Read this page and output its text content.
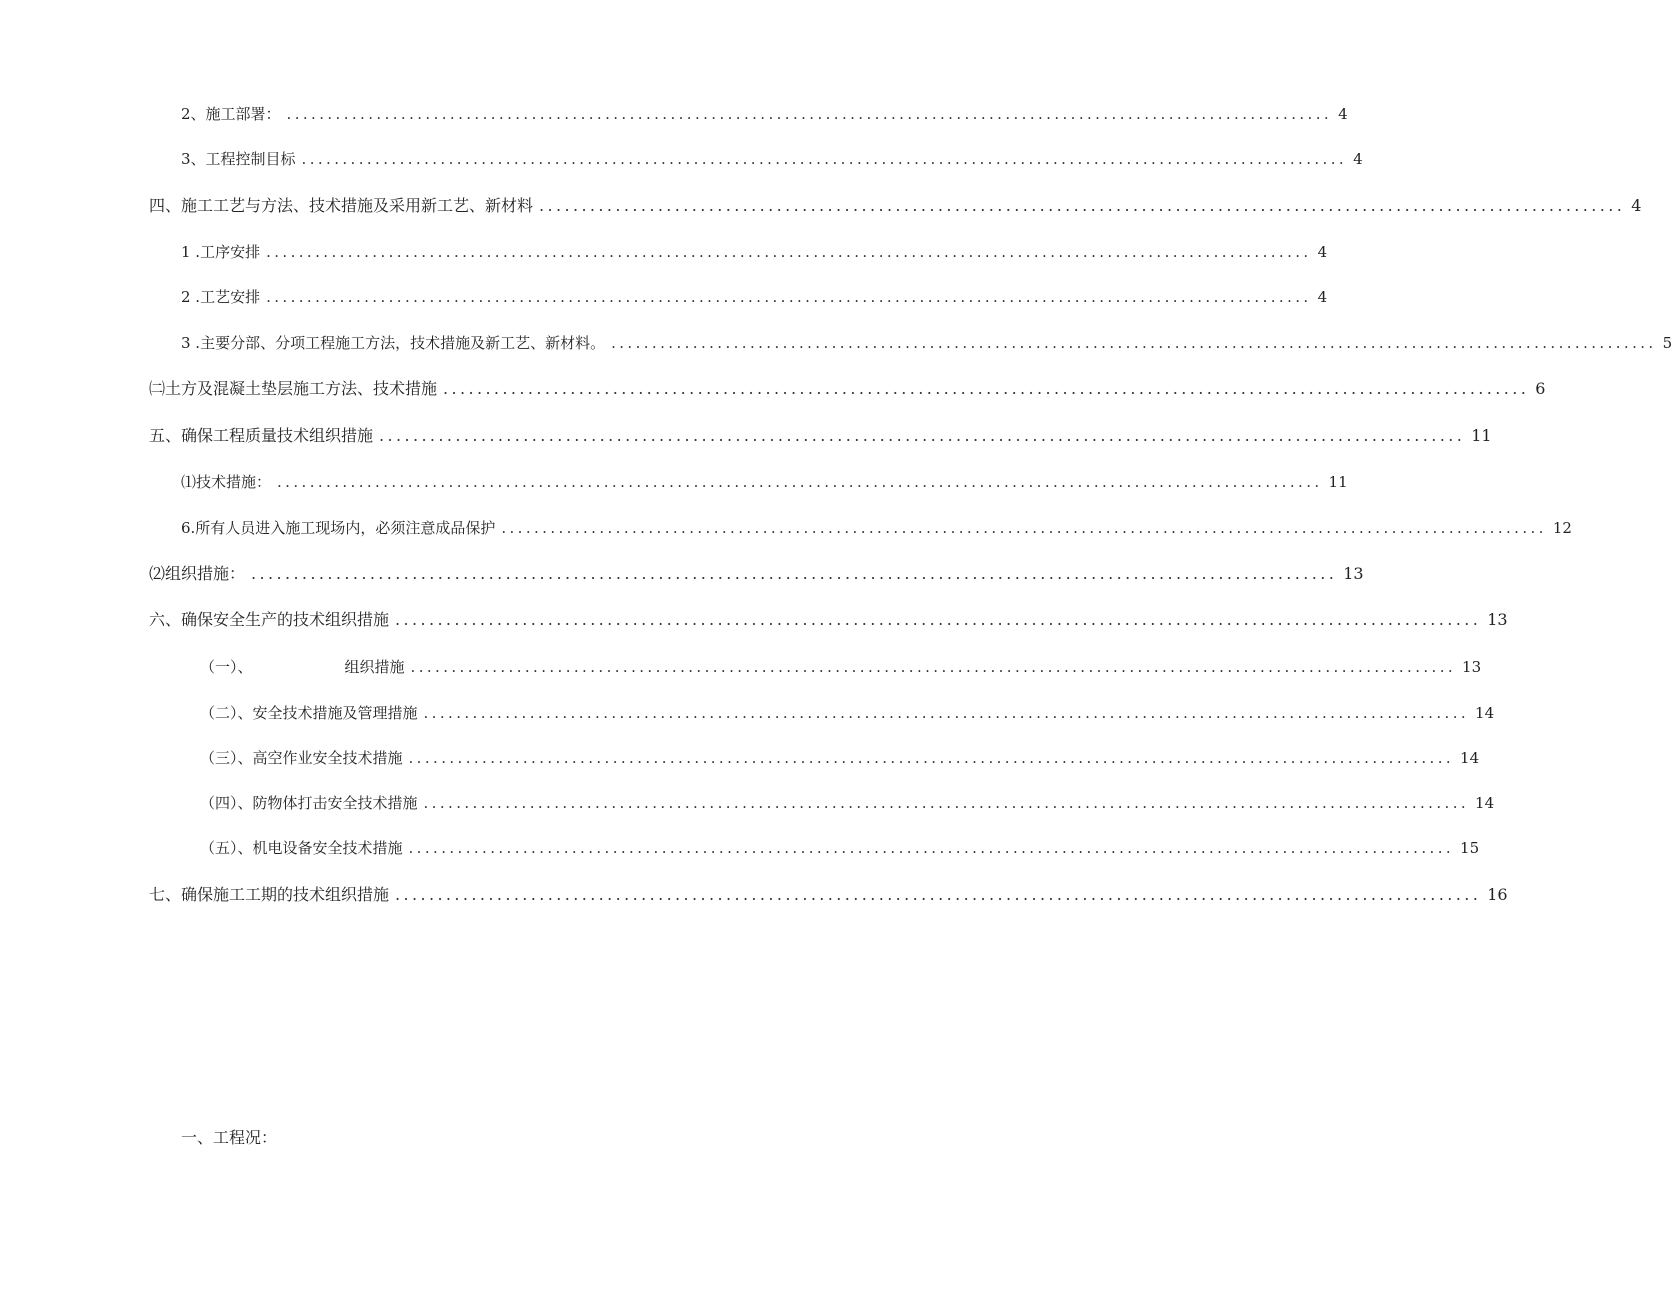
2、施工部署： ................................................................................................................................ 4
3、工程控制目标 ................................................................................................................................ 4
四、施工工艺与方法、技术措施及采用新工艺、新材料 ................................................................................................................................ 4
1 .工序安排 ................................................................................................................................ 4
2 .工艺安排 ................................................................................................................................ 4
3 .主要分部、分项工程施工方法，技术措施及新工艺、新材料。 ................................................................................................................................ 5
㈡土方及混凝土垫层施工方法、技术措施 ................................................................................................................................ 6
五、确保工程质量技术组织措施 ................................................................................................................................ 11
⑴技术措施： ................................................................................................................................ 11
6.所有人员进入施工现场内，必须注意成品保护 ................................................................................................................................ 12
⑵组织措施： ................................................................................................................................ 13
六、确保安全生产的技术组织措施 ................................................................................................................................ 13
（一）、	组织措施 ................................................................................................................................ 13
（二）、安全技术措施及管理措施 ................................................................................................................................ 14
（三）、高空作业安全技术措施 ................................................................................................................................ 14
（四）、防物体打击安全技术措施 ................................................................................................................................ 14
（五）、机电设备安全技术措施 ................................................................................................................................ 15
七、确保施工工期的技术组织措施 ................................................................................................................................ 16
一、工程况：
